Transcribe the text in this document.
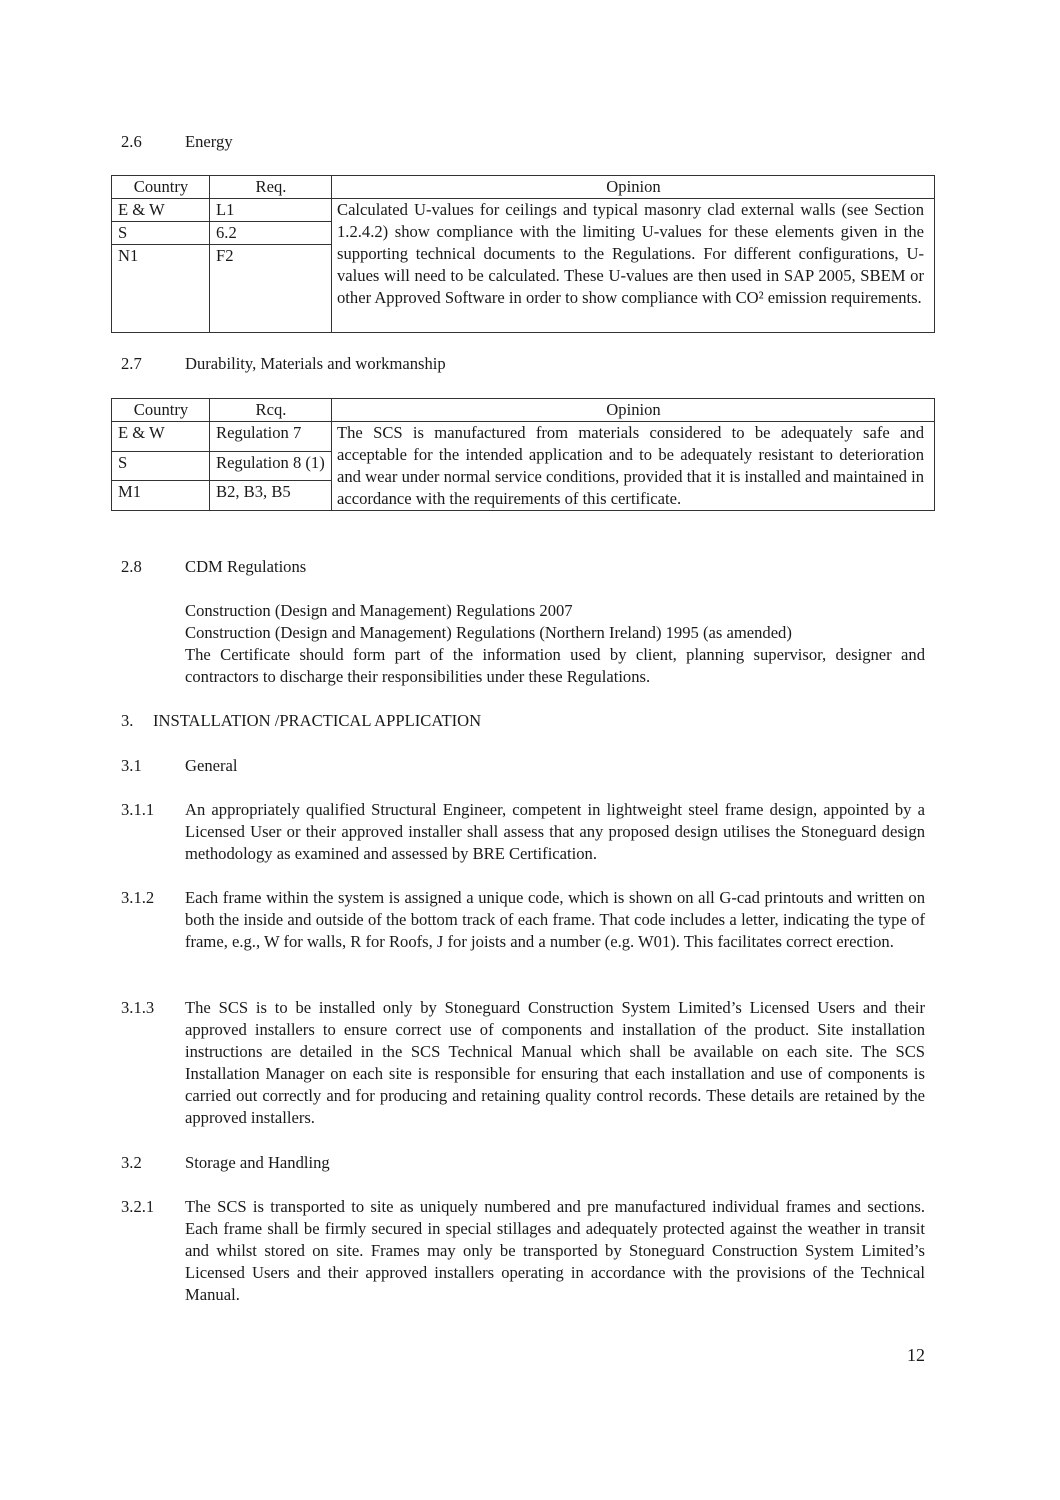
2.6	Energy
Country	Req.	Opinion
E & W	L1	Calculated U-values for ceilings and typical masonry clad external walls (see Section 1.2.4.2) show compliance with the limiting U-values for these elements given in the supporting technical documents to the Regulations. For different configurations, U-values will need to be calculated. These U-values are then used in SAP 2005, SBEM or other Approved Software in order to show compliance with CO² emission requirements.
S	6.2	
N1	F2	
2.7	Durability, Materials and workmanship
Country	Rcq.	Opinion
E & W	Regulation 7	The SCS is manufactured from materials considered to be adequately safe and acceptable for the intended application and to be adequately resistant to deterioration and wear under normal service conditions, provided that it is installed and maintained in accordance with the requirements of this certificate.
S	Regulation 8 (1)	
M1	B2, B3, B5	
2.8	CDM Regulations
Construction (Design and Management) Regulations 2007
Construction (Design and Management) Regulations (Northern Ireland) 1995 (as amended)
The Certificate should form part of the information used by client, planning supervisor, designer and contractors to discharge their responsibilities under these Regulations.
3.	INSTALLATION /PRACTICAL APPLICATION
3.1	General
3.1.1	An appropriately qualified Structural Engineer, competent in lightweight steel frame design, appointed by a Licensed User or their approved installer shall assess that any proposed design utilises the Stoneguard design methodology as examined and assessed by BRE Certification.
3.1.2	Each frame within the system is assigned a unique code, which is shown on all G-cad printouts and written on both the inside and outside of the bottom track of each frame. That code includes a letter, indicating the type of frame, e.g., W for walls, R for Roofs, J for joists and a number (e.g. W01). This facilitates correct erection.
3.1.3	The SCS is to be installed only by Stoneguard Construction System Limited’s Licensed Users and their approved installers to ensure correct use of components and installation of the product. Site installation instructions are detailed in the SCS Technical Manual which shall be available on each site. The SCS Installation Manager on each site is responsible for ensuring that each installation and use of components is carried out correctly and for producing and retaining quality control records. These details are retained by the approved installers.
3.2	Storage and Handling
3.2.1	The SCS is transported to site as uniquely numbered and pre manufactured individual frames and sections. Each frame shall be firmly secured in special stillages and adequately protected against the weather in transit and whilst stored on site. Frames may only be transported by Stoneguard Construction System Limited’s Licensed Users and their approved installers operating in accordance with the provisions of the Technical Manual.
12
